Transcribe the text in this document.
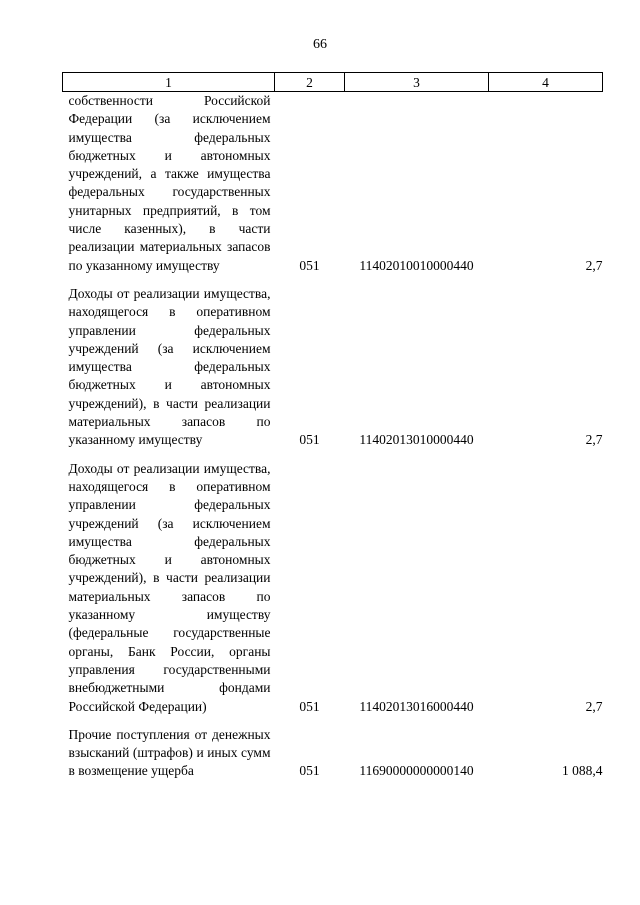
66
1	2	3	4
собственности Российской Федерации (за исключением имущества федеральных бюджетных и автономных учреждений, а также имущества федеральных государственных унитарных предприятий, в том числе казенных), в части реализации материальных запасов по указанному имуществу	051	11402010010000440	2,7

Доходы от реализации имущества, находящегося в оперативном управлении федеральных учреждений (за исключением имущества федеральных бюджетных и автономных учреждений), в части реализации материальных запасов по указанному имуществу	051	11402013010000440	2,7

Доходы от реализации имущества, находящегося в оперативном управлении федеральных учреждений (за исключением имущества федеральных бюджетных и автономных учреждений), в части реализации материальных запасов по указанному имуществу (федеральные государственные органы, Банк России, органы управления государственными внебюджетными фондами Российской Федерации)	051	11402013016000440	2,7

Прочие поступления от денежных взысканий (штрафов) и иных сумм в возмещение ущерба	051	11690000000000140	1 088,4
